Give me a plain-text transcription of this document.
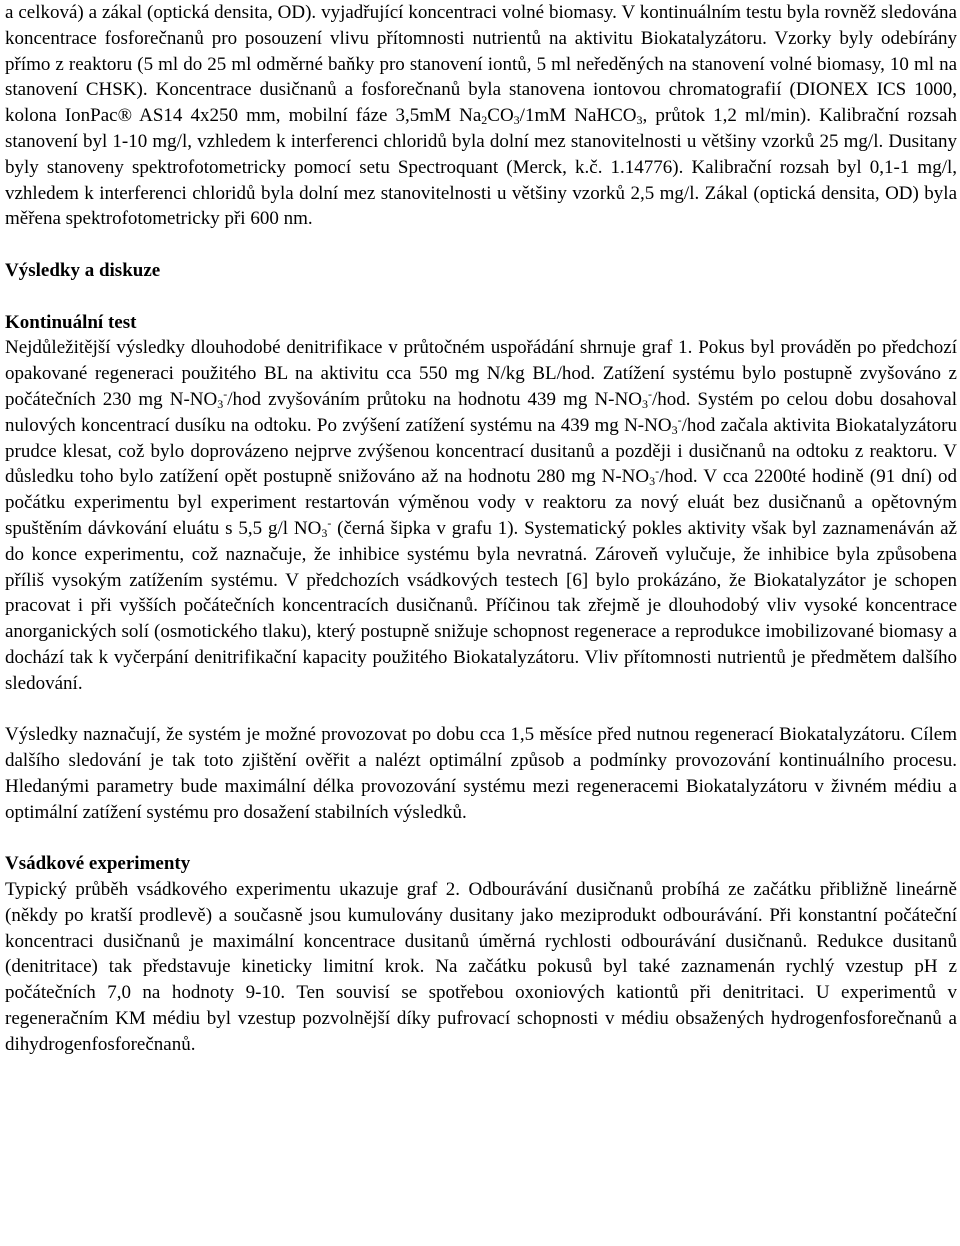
a celková) a zákal (optická densita, OD). vyjadřující koncentraci volné biomasy. V kontinuálním testu byla rovněž sledována koncentrace fosforečnanů pro posouzení vlivu přítomnosti nutrientů na aktivitu Biokatalyzátoru. Vzorky byly odebírány přímo z reaktoru (5 ml do 25 ml odměrné baňky pro stanovení iontů, 5 ml neředěných na stanovení volné biomasy, 10 ml na stanovení CHSK). Koncentrace dusičnanů a fosforečnanů byla stanovena iontovou chromatografií (DIONEX ICS 1000, kolona IonPac® AS14 4x250 mm, mobilní fáze 3,5mM $Na_2CO_3/1mM$ NaHCO$_3$, průtok 1,2 ml/min). Kalibrační rozsah stanovení byl 1-10 mg/l, vzhledem k interferenci chloridů byla dolní mez stanovitelnosti u většiny vzorků 25 mg/l. Dusitany byly stanoveny spektrofotometricky pomocí setu Spectroquant (Merck, k.č. 1.14776). Kalibrační rozsah byl 0,1-1 mg/l, vzhledem k interferenci chloridů byla dolní mez stanovitelnosti u většiny vzorků 2,5 mg/l. Zákal (optická densita, OD) byla měřena spektrofotometricky při 600 nm.

Výsledky a diskuze
Kontinuální test

Nejdůležitější výsledky dlouhodobé denitrifikace v průtočném uspořádání shrnuje graf 1. Pokus byl prováděn po předchozí opakované regeneraci použitého BL na aktivitu cca 550 mg N/kg BL/hod. Zatížení systému bylo postupně zvyšováno z počátečních 230 mg $N-NO_3^-$/hod zvyšováním průtoku na hodnotu 439 mg $N-NO_3^-$/hod. Systém po celou dobu dosahoval nulových koncentrací dusíku na odtoku. Po zvýšení zatížení systému na 439 mg $N-NO_3^-$/hod začala aktivita Biokatalyzátoru prudce klesat, což bylo doprovázeno nejprve zvýšenou koncentrací dusitanů a později i dusičnanů na odtoku z reaktoru. V důsledku toho bylo zatížení opět postupně snižováno až na hodnotu 280 mg $N-NO_3^-$/hod. V cca 2200té hodině (91 dní) od počátku experimentu byl experiment restartován výměnou vody v reaktoru za nový eluát bez dusičnanů a opětovným spuštěním dávkování eluátu s 5,5 g/l $NO_3^-$ (černá šipka v grafu 1). Systematický pokles aktivity však byl zaznamenáván až do konce experimentu, což naznačuje, že inhibice systému byla nevratná. Zároveň vylučuje, že inhibice byla způsobena příliš vysokým zatížením systému. V předchozích vsádkových testech [6] bylo prokázáno, že Biokatalyzátor je schopen pracovat i při vyšších počátečních koncentracích dusičnanů. Příčinou tak zřejmě je dlouhodobý vliv vysoké koncentrace anorganických solí (osmotického tlaku), který postupně snižuje schopnost regenerace a reprodukce imobilizované biomasy a dochází tak k vyčerpání denitrifikační kapacity použitého Biokatalyzátoru. Vliv přítomnosti nutrientů je předmětem dalšího sledování.

Výsledky naznačují, že systém je možné provozovat po dobu cca 1,5 měsíce před nutnou regenerací Biokatalyzátoru. Cílem dalšího sledování je tak toto zjištění ověřit a nalézt optimální způsob a podmínky provozování kontinuálního procesu. Hledanými parametry bude maximální délka provozování systému mezi regeneracemi Biokatalyzátoru v živném médiu a optimální zatížení systému pro dosažení stabilních výsledků.

Vsádkové experimenty

Typický průběh vsádkového experimentu ukazuje graf 2. Odbourávání dusičnanů probíhá ze začátku přibližně lineárně (někdy po kratší prodlevě) a současně jsou kumulovány dusitany jako meziprodukt odbourávání. Při konstantní počáteční koncentraci dusičnanů je maximální koncentrace dusitanů úměrná rychlosti odbourávání dusičnanů. Redukce dusitanů (denitritace) tak představuje kineticky limitní krok. Na začátku pokusů byl také zaznamenán rychlý vzestup pH z počátečních 7,0 na hodnoty 9-10. Ten souvisí se spotřebou oxoniových kationtů při denitritaci. U experimentů v regeneračním KM médiu byl vzestup pozvolnější díky pufrovací schopnosti v médiu obsažených hydrogenfosforečnanů a dihydrogenfosforečnanů.
